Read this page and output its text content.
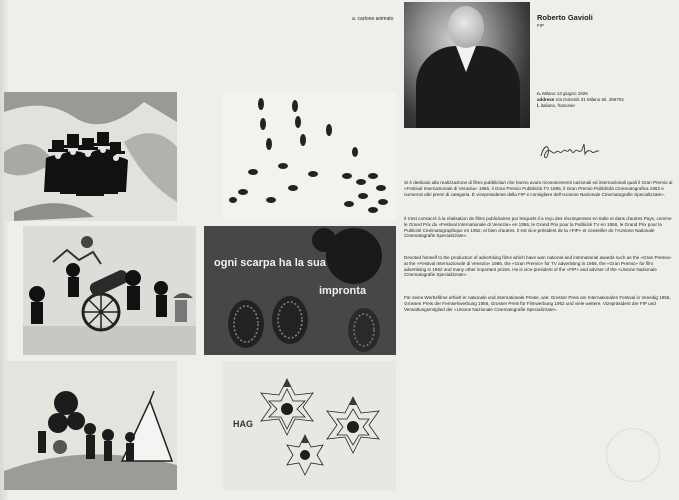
a. cartone animato	Roberto Gavioli
FIP
n. Milano 13 giugno 1926
address Via Dolomiti 31 Milano tel. 286704
l. italiano, francese

Si è dedicato alla realizzazione di films pubblicitari che hanno avuto riconoscimenti nazionali ed internazionali quali il Gran Premio al «Festival Internazionale di Venezia» 1956, il Gran Premio Pubblicità TV 1956, il Gran Premio Pubblicità Cinematografica 1962 e numerosi altri premi di categoria. È vicepresidente della FIP e consigliere dell'«Unione Nazionale Cinematografie Specializzate».

Il s'est consacré à la réalisation de films publicitaires par lesquels il a reçu des récompenses en Italie et dans d'autres Pays, comme le Grand Prix du «Festival Internationale di Venezia» en 1956, le Grand Prix pour la Publicité TV en 1956, le Grand Prix pour la Publicité Cinématographique en 1962, et bien d'autres. Il est vice-président de la «FIP» et conseiller de l'«Unione Nationale Cinematografie Specializzate».

Devoted himself to the production of advertising films which have won national and international awards such as the «Gran Premio» at the «Festival Internazionale di Venezia» 1956, the «Gran Premio» for TV advertising in 1956, the «Gran Premio» for film advertising in 1962 and many other important prizes. He is vice-president of the «FIP» and adviser of the «Unione Nazionale Cinematografie Specializzate».

Für seine Werbefilme erhielt er nationale und internationale Preise, wie: Grosser Preis am Internationalen Festival in Venedig 1956, Grossen Preis der Fernsehwerbung 1956, Grosser Preis für Filmwerbung 1962 und viele weitere. Vizepräsident der FIP und Verwaltungsmitglied der «Unione Nazionale Cinematografie Specializzate».

ogni scarpa ha la sua
impronta
HAG
